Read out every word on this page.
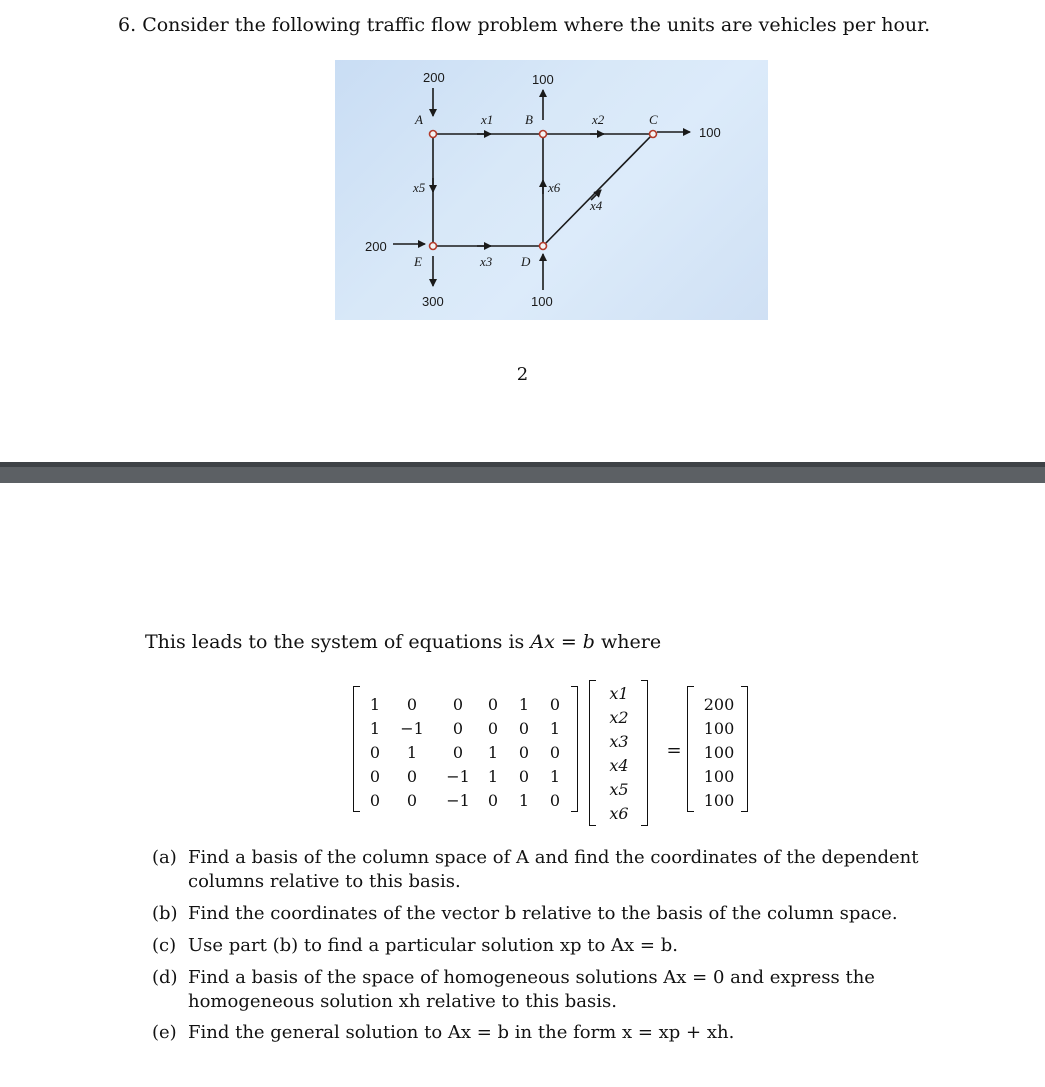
6. Consider the following traffic flow problem where the units are vehicles per hour.
200	100
100
200
300	100
A	B	C
D
E
x1	x2
x3
x4
x5	x6
2
This leads to the system of equations is Ax = b where
1	0	0	0	1	0
1	−1	0	0	0	1
0	1	0	1	0	0
0	0	−1	1	0	1
0	0	−1	0	1	0
x1
x2
x3
x4
x5
x6
=
200
100
100
100
100
(a) Find a basis of the column space of A and find the coordinates of the dependent columns relative to this basis.
(b) Find the coordinates of the vector b relative to the basis of the column space.
(c) Use part (b) to find a particular solution xp to Ax = b.
(d) Find a basis of the space of homogeneous solutions Ax = 0 and express the homogeneous solution xh relative to this basis.
(e) Find the general solution to Ax = b in the form x = xp + xh.
